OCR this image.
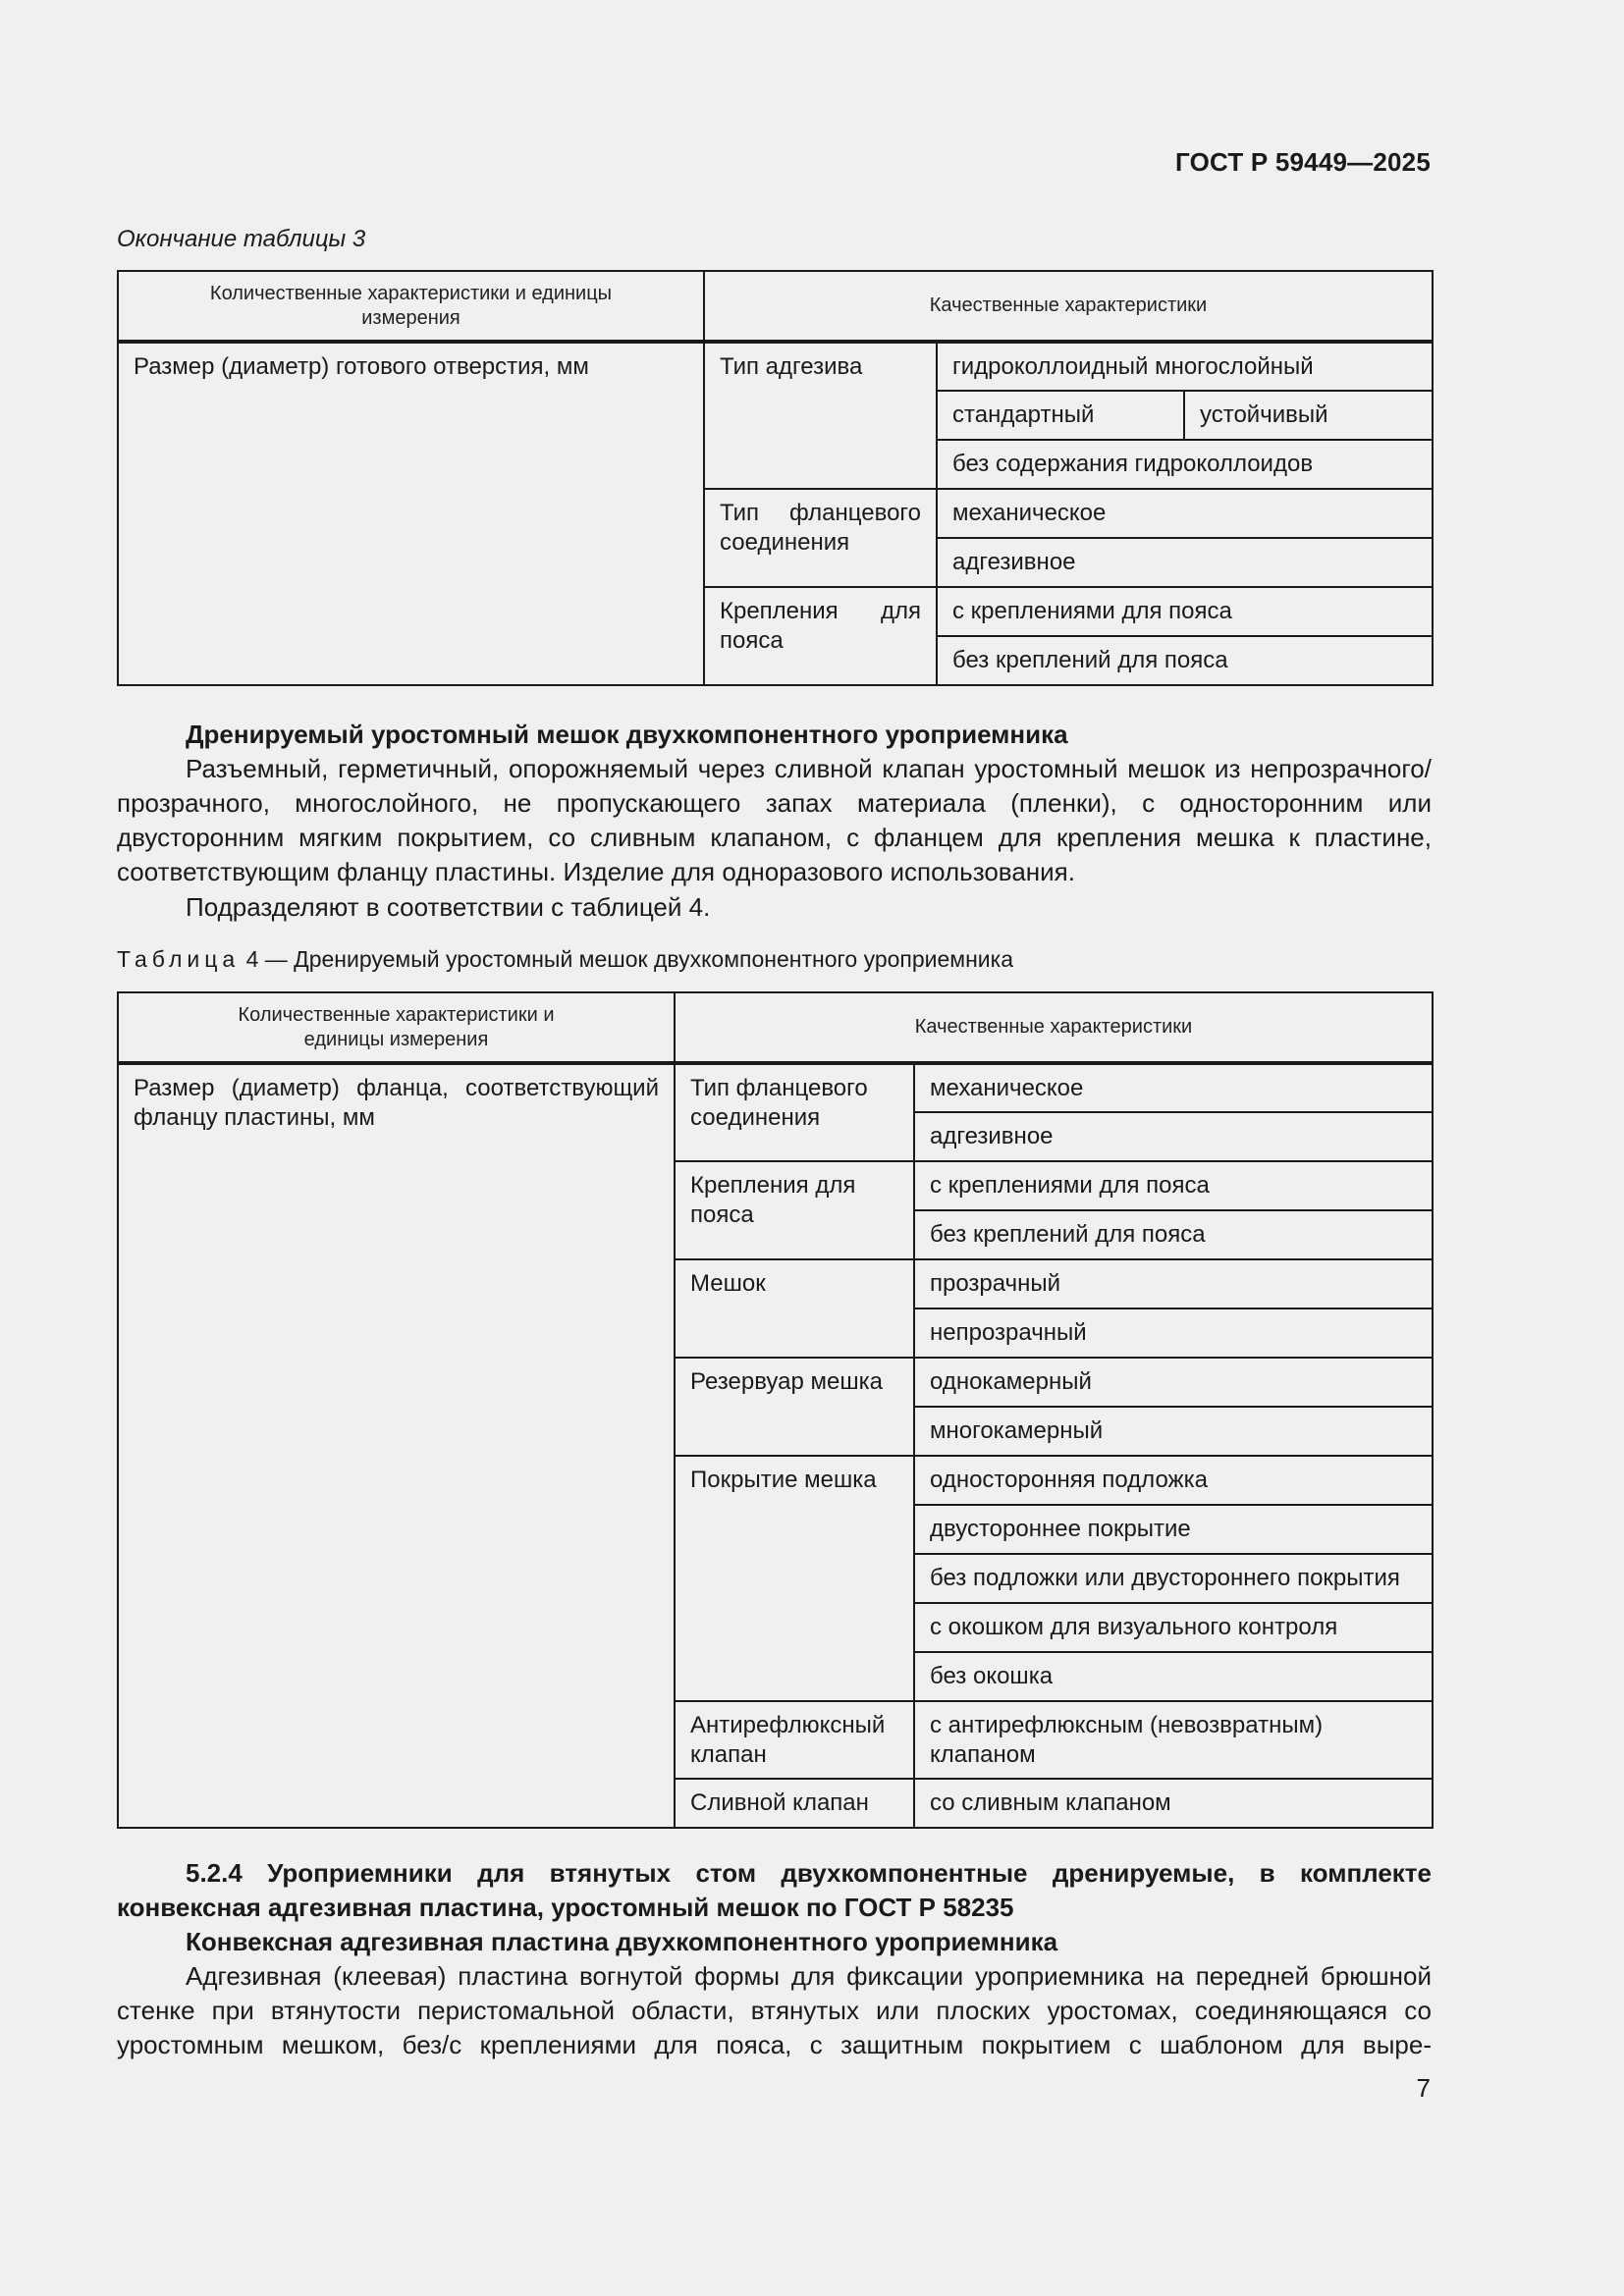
ГОСТ Р 59449—2025
Окончание таблицы 3
Количественные характеристики и единицы измерения	Качественные характеристики		

Размер (диаметр) готового отверстия, мм	Тип адгезива	гидроколлоидный многослойный	

		стандартный	устойчивый

		без содержания гидроколлоидов	

	Тип фланцевого соединения	механическое	

		адгезивное	

	Крепления для пояса	с креплениями для пояса	

		без креплений для пояса	
Дренируемый уростомный мешок двухкомпонентного уроприемника
Разъемный, герметичный, опорожняемый через сливной клапан уростомный мешок из непрозрачного/прозрачного, многослойного, не пропускающего запах материала (пленки), с односторонним или двусторонним мягким покрытием, со сливным клапаном, с фланцем для крепления мешка к пластине, соответствующим фланцу пластины. Изделие для одноразового использования.
Подразделяют в соответствии с таблицей 4.
Таблица 4 — Дренируемый уростомный мешок двухкомпонентного уроприемника
Количественные характеристики и единицы измерения	Качественные характеристики	

Размер (диаметр) фланца, соответствующий фланцу пластины, мм	Тип фланцевого соединения	механическое

		адгезивное

	Крепления для пояса	с креплениями для пояса

		без креплений для пояса

	Мешок	прозрачный

		непрозрачный

	Резервуар мешка	однокамерный

		многокамерный

	Покрытие мешка	односторонняя подложка

		двустороннее покрытие

		без подложки или двустороннего покрытия

		с окошком для визуального контроля

		без окошка

	Антирефлюксный клапан	с антирефлюксным (невозвратным) клапаном

	Сливной клапан	со сливным клапаном
5.2.4 Уроприемники для втянутых стом двухкомпонентные дренируемые, в комплекте конвексная адгезивная пластина, уростомный мешок по ГОСТ Р 58235
Конвексная адгезивная пластина двухкомпонентного уроприемника
Адгезивная (клеевая) пластина вогнутой формы для фиксации уроприемника на передней брюшной стенке при втянутости перистомальной области, втянутых или плоских уростомах, соединяющаяся со уростомным мешком, без/с креплениями для пояса, с защитным покрытием с шаблоном для выре-
7
